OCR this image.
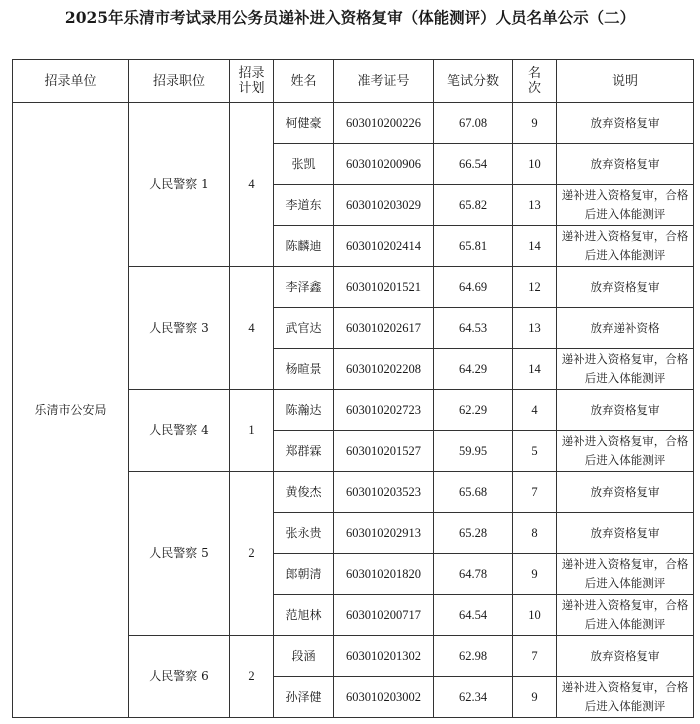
2025年乐清市考试录用公务员递补进入资格复审（体能测评）人员名单公示（二）
招录单位	招录职位	招录计划	姓名	准考证号	笔试分数	名次	说明
乐清市公安局	人民警察 1	4	柯健豪	603010200226	67.08	9	放弃资格复审
			张凯	603010200906	66.54	10	放弃资格复审
			李道东	603010203029	65.82	13	递补进入资格复审，合格后进入体能测评
			陈麟迪	603010202414	65.81	14	递补进入资格复审，合格后进入体能测评
	人民警察 3	4	李泽鑫	603010201521	64.69	12	放弃资格复审
			武官达	603010202617	64.53	13	放弃递补资格
			杨暄景	603010202208	64.29	14	递补进入资格复审，合格后进入体能测评
	人民警察 4	1	陈瀚达	603010202723	62.29	4	放弃资格复审
			郑群霖	603010201527	59.95	5	递补进入资格复审，合格后进入体能测评
	人民警察 5	2	黄俊杰	603010203523	65.68	7	放弃资格复审
			张永贵	603010202913	65.28	8	放弃资格复审
			郎朝清	603010201820	64.78	9	递补进入资格复审，合格后进入体能测评
			范旭林	603010200717	64.54	10	递补进入资格复审，合格后进入体能测评
	人民警察 6	2	段涵	603010201302	62.98	7	放弃资格复审
			孙泽健	603010203002	62.34	9	递补进入资格复审，合格后进入体能测评
